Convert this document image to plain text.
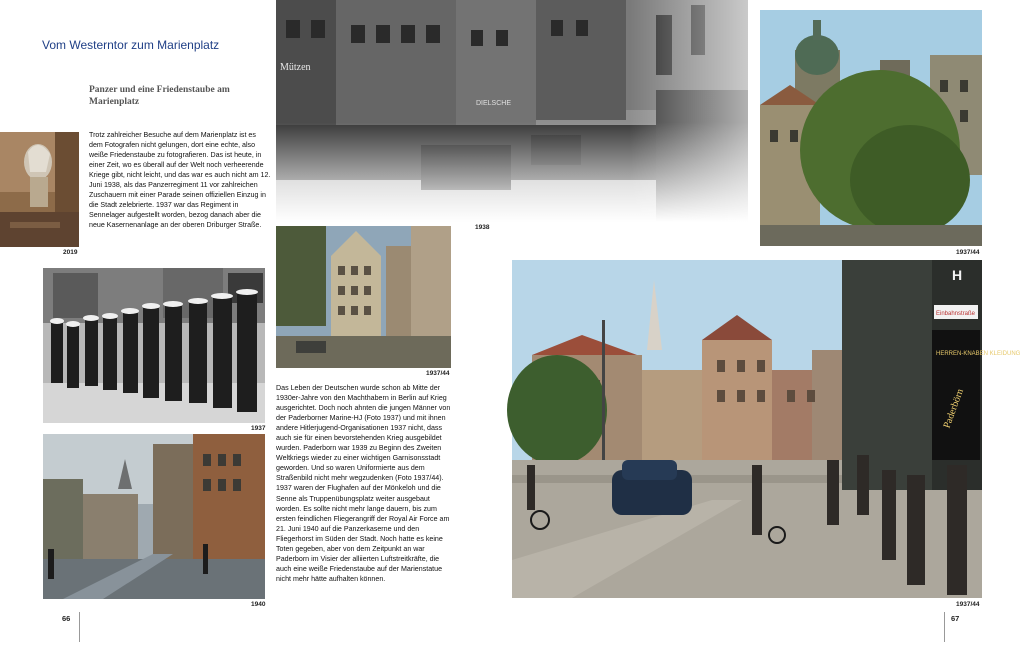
Vom Westerntor zum Marienplatz
Panzer und eine Friedenstaube am Marienplatz
Trotz zahlreicher Besuche auf dem Marienplatz ist es dem Fotografen nicht gelungen, dort eine echte, also weiße Friedenstaube zu fotografieren. Das ist heute, in einer Zeit, wo es überall auf der Welt noch verheerende Kriege gibt, nicht leicht, und das war es auch nicht am 12. Juni 1938, als das Panzerregiment 11 vor zahlreichen Zuschauern mit einer Parade seinen offiziellen Einzug in die Stadt zelebrierte. 1937 war das Regiment in Sennelager aufgestellt worden, bezog danach aber die neue Kasernenanlage an der oberen Driburger Straße.
Das Leben der Deutschen wurde schon ab Mitte der 1930er-Jahre von den Machthabern in Berlin auf Krieg ausgerichtet. Doch noch ahnten die jungen Männer von der Paderborner Marine-HJ (Foto 1937) und mit ihnen andere Hitlerjugend-Organisationen 1937 nicht, dass auch sie für einen bevorstehenden Krieg ausgebildet wurden. Paderborn war 1939 zu Beginn des Zweiten Weltkriegs wieder zu einer wichtigen Garnisonsstadt geworden. Und so waren Uniformierte aus dem Straßenbild nicht mehr wegzudenken (Foto 1937/44). 1937 waren der Flughafen auf der Mönkeloh und die Senne als Truppenübungsplatz weiter ausgebaut worden. Es sollte nicht mehr lange dauern, bis zum ersten feindlichen Fliegerangriff der Royal Air Force am 21. Juni 1940 auf die Panzerkaserne und den Fliegerhorst im Süden der Stadt. Noch hatte es keine Toten gegeben, aber von dem Zeitpunkt an war Paderborn im Visier der alliierten Luftstreitkräfte, die auch eine weiße Friedenstaube auf der Marienstatue nicht mehr hätte aufhalten können.
2019
1937
1940
Mützen
DIELSCHE
1938
1937/44
1937/44
Einbahnstraße
HERREN-KNABEN KLEIDUNG
Paderbörn
H
1937/44
66	67
